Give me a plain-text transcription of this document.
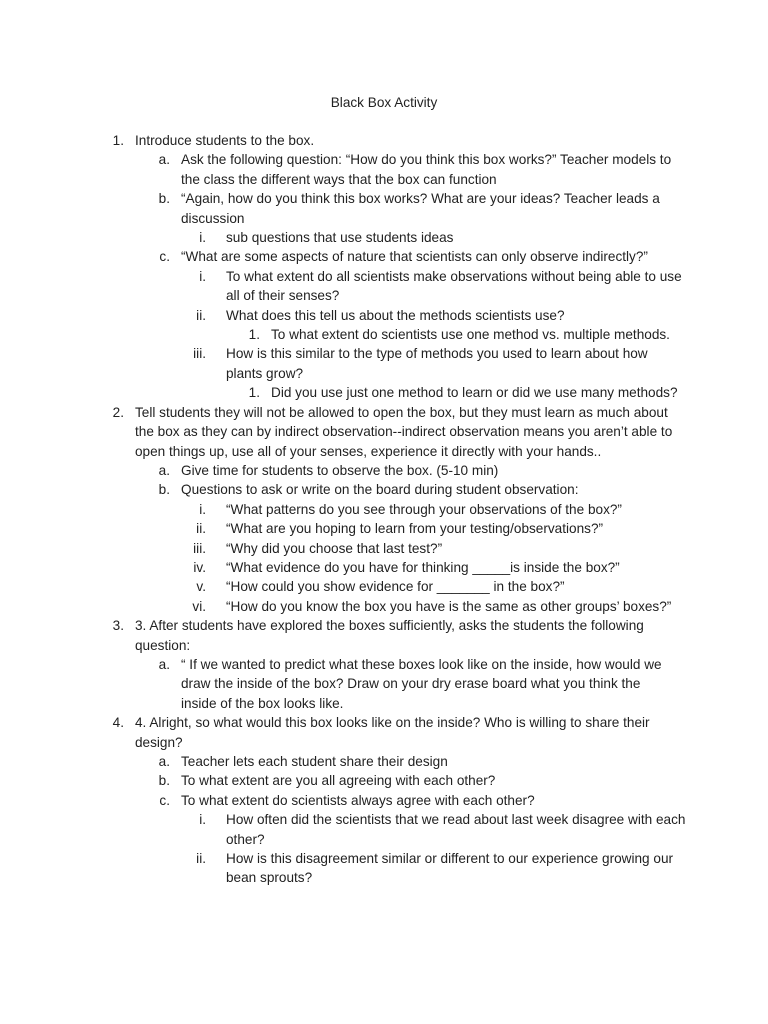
Black Box Activity
1. Introduce students to the box.
a. Ask the following question: “How do you think this box works?” Teacher models to the class the different ways that the box can function
b. “Again, how do you think this box works? What are your ideas? Teacher leads a discussion
i. sub questions that use students ideas
c. “What are some aspects of nature that scientists can only observe indirectly?”
i. To what extent do all scientists make observations without being able to use all of their senses?
ii. What does this tell us about the methods scientists use?
1. To what extent do scientists use one method vs. multiple methods.
iii. How is this similar to the type of methods you used to learn about how plants grow?
1. Did you use just one method to learn or did we use many methods?
2. Tell students they will not be allowed to open the box, but they must learn as much about the box as they can by indirect observation--indirect observation means you aren’t able to open things up, use all of your senses, experience it directly with your hands..
a. Give time for students to observe the box. (5-10 min)
b. Questions to ask or write on the board during student observation:
i. “What patterns do you see through your observations of the box?”
ii. “What are you hoping to learn from your testing/observations?”
iii. “Why did you choose that last test?”
iv. “What evidence do you have for thinking _____is inside the box?”
v. “How could you show evidence for _______ in the box?”
vi. “How do you know the box you have is the same as other groups’ boxes?”
3. 3. After students have explored the boxes sufficiently, asks the students the following question:
a. “ If we wanted to predict what these boxes look like on the inside, how would we draw the inside of the box? Draw on your dry erase board what you think the inside of the box looks like.
4. 4. Alright, so what would this box looks like on the inside? Who is willing to share their design?
a. Teacher lets each student share their design
b. To what extent are you all agreeing with each other?
c. To what extent do scientists always agree with each other?
i. How often did the scientists that we read about last week disagree with each other?
ii. How is this disagreement similar or different to our experience growing our bean sprouts?
